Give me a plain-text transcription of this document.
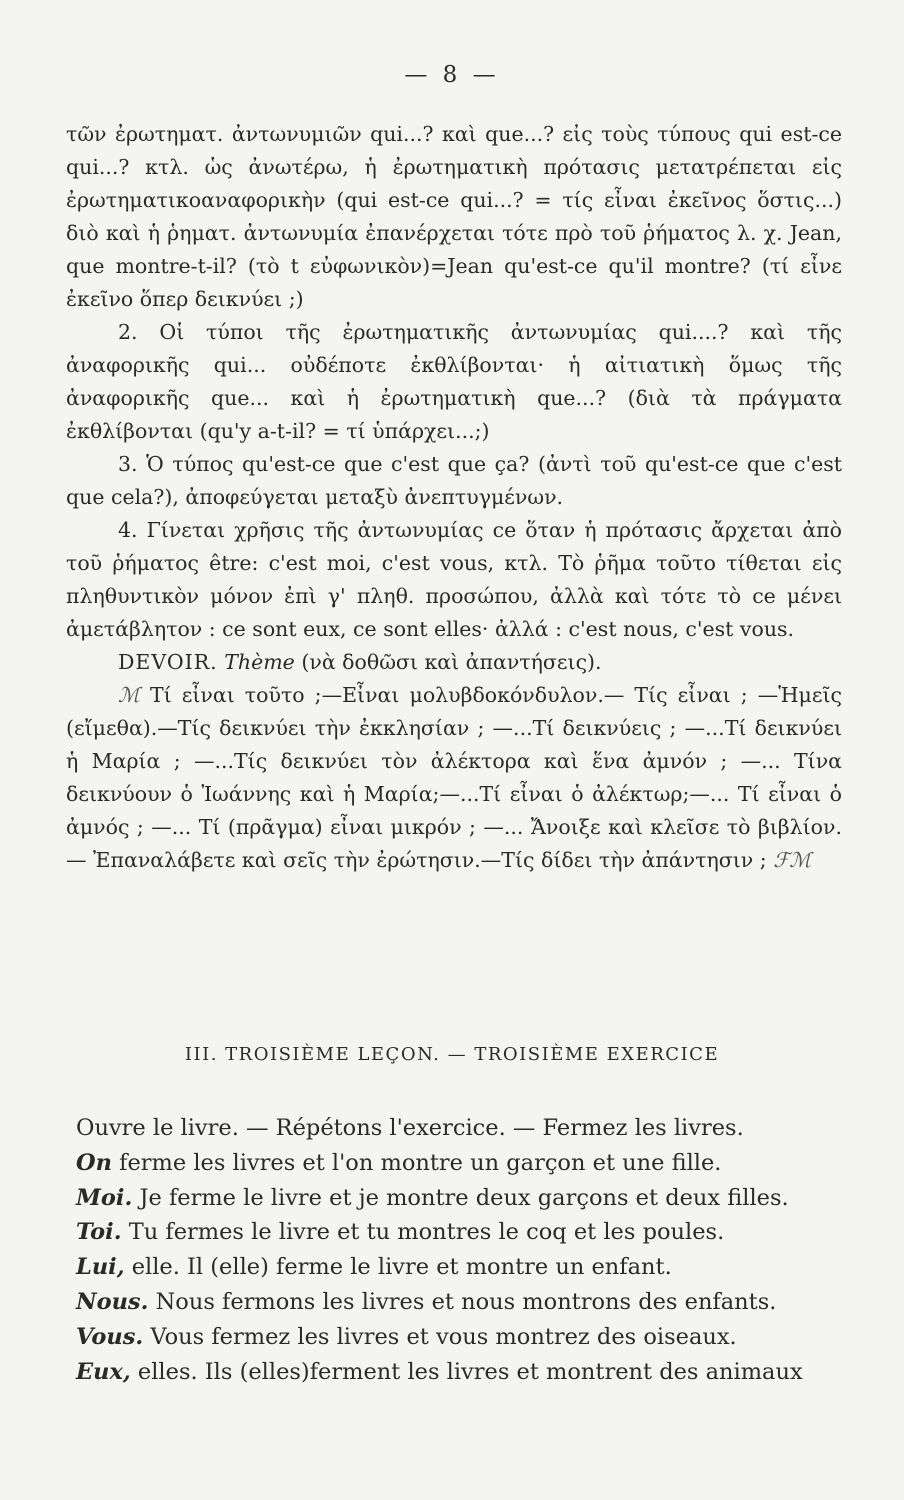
— 8 —

τῶν ἐρωτηματ. ἀντωνυμιῶν qui...? καὶ que...? εἰς τοὺς τύπους qui est-ce qui...? κτλ. ὡς ἀνωτέρω, ἡ ἐρωτηματικὴ πρότασις μετατρέπεται εἰς ἐρωτηματικοαναφορικὴν (qui est-ce qui...? = τίς εἶναι ἐκεῖνος ὅστις...) διὸ καὶ ἡ ῥηματ. ἀντωνυμία ἐπανέρχεται τότε πρὸ τοῦ ῥήματος λ. χ. Jean, que montre-t-il? (τὸ t εὐφωνικὸν)=Jean qu'est-ce qu'il montre? (τί εἶνε ἐκεῖνο ὅπερ δεικνύει ;)

2. Οἱ τύποι τῆς ἐρωτηματικῆς ἀντωνυμίας qui....? καὶ τῆς ἀναφορικῆς qui... οὐδέποτε ἐκθλίβονται· ἡ αἰτιατικὴ ὅμως τῆς ἀναφορικῆς que... καὶ ἡ ἐρωτηματικὴ que...? (διὰ τὰ πράγματα ἐκθλίβονται (qu'y a-t-il? = τί ὑπάρχει...;)

3. Ὁ τύπος qu'est-ce que c'est que ça? (ἀντὶ τοῦ qu'est-ce que c'est que cela?), ἀποφεύγεται μεταξὺ ἀνεπτυγμένων.

4. Γίνεται χρῆσις τῆς ἀντωνυμίας ce ὅταν ἡ πρότασις ἄρχεται ἀπὸ τοῦ ῥήματος être: c'est moi, c'est vous, κτλ. Τὸ ῥῆμα τοῦτο τίθεται εἰς πληθυντικὸν μόνον ἐπὶ γ' πληθ. προσώπου, ἀλλὰ καὶ τότε τὸ ce μένει ἀμετάβλητον : ce sont eux, ce sont elles· ἀλλά : c'est nous, c'est vous.

DEVOIR. Thème (νὰ δοθῶσι καὶ ἀπαντήσεις).

ℳ Τί εἶναι τοῦτο ;—Εἶναι μολυβδοκόνδυλον.— Τίς εἶναι ; —Ἡμεῖς (εἴμεθα).—Τίς δεικνύει τὴν ἐκκλησίαν ; —...Τί δεικνύεις ; —...Τί δεικνύει ἡ Μαρία ; —...Τίς δεικνύει τὸν ἀλέκτορα καὶ ἕνα ἀμνόν ; —... Τίνα δεικνύουν ὁ Ἰωάννης καὶ ἡ Μαρία;—...Τί εἶναι ὁ ἀλέκτωρ;—... Τί εἶναι ὁ ἀμνός ; —... Τί (πρᾶγμα) εἶναι μικρόν ; —... Ἄνοιξε καὶ κλεῖσε τὸ βιβλίον.— Ἐπαναλάβετε καὶ σεῖς τὴν ἐρώτησιν.—Τίς δίδει τὴν ἀπάντησιν ; ℱℳ

III. TROISIÈME LEÇON. — TROISIÈME EXERCICE

Ouvre le livre. — Répétons l'exercice. — Fermez les livres.

On ferme les livres et l'on montre un garçon et une fille.

Moi. Je ferme le livre et je montre deux garçons et deux filles.

Toi. Tu fermes le livre et tu montres le coq et les poules.

Lui, elle. Il (elle) ferme le livre et montre un enfant.

Nous. Nous fermons les livres et nous montrons des enfants.

Vous. Vous fermez les livres et vous montrez des oiseaux.

Eux, elles. Ils (elles)ferment les livres et montrent des animaux
